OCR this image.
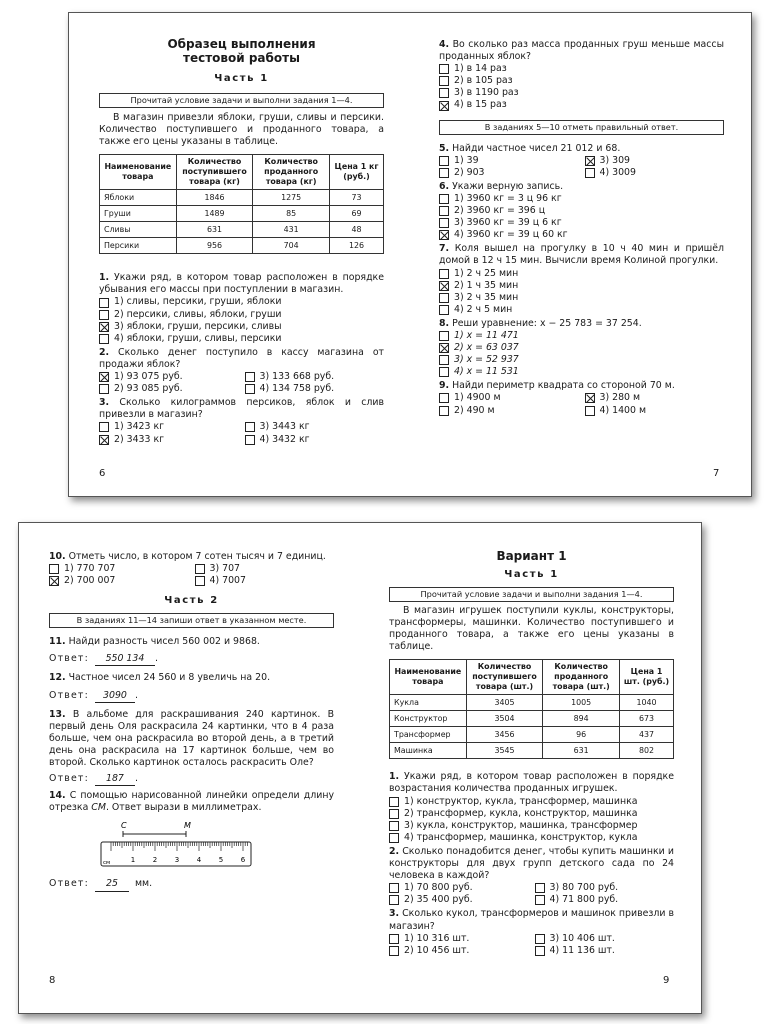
Образец выполнения тестовой работы
Часть 1
Прочитай условие задачи и выполни задания 1—4.
В магазин привезли яблоки, груши, сливы и персики. Количество поступившего и проданного товара, а также его цены указаны в таблице.
Наименование товара	Количество поступившего товара (кг)	Количество проданного товара (кг)	Цена 1 кг (руб.)
Яблоки	1846	1275	73
Груши	1489	85	69
Сливы	631	431	48
Персики	956	704	126
1. Укажи ряд, в котором товар расположен в порядке убывания его массы при поступлении в магазин.
1) сливы, персики, груши, яблоки
2) персики, сливы, яблоки, груши
3) яблоки, груши, персики, сливы
4) яблоки, груши, сливы, персики
2. Сколько денег поступило в кассу магазина от продажи яблок?
1) 93 075 руб.	3) 133 668 руб.
2) 93 085 руб.	4) 134 758 руб.
3. Сколько килограммов персиков, яблок и слив привезли в магазин?
1) 3423 кг	3) 3443 кг
2) 3433 кг	4) 3432 кг
6
4. Во сколько раз масса проданных груш меньше массы проданных яблок?
1) в 14 раз
2) в 105 раз
3) в 1190 раз
4) в 15 раз
В заданиях 5—10 отметь правильный ответ.
5. Найди частное чисел 21 012 и 68.
1) 39	3) 309
2) 903	4) 3009
6. Укажи верную запись.
1) 3960 кг = 3 ц 96 кг
2) 3960 кг = 396 ц
3) 3960 кг = 39 ц 6 кг
4) 3960 кг = 39 ц 60 кг
7. Коля вышел на прогулку в 10 ч 40 мин и пришёл домой в 12 ч 15 мин. Вычисли время Колиной прогулки.
1) 2 ч 25 мин
2) 1 ч 35 мин
3) 2 ч 35 мин
4) 2 ч 5 мин
8. Реши уравнение: x − 25 783 = 37 254.
1) x = 11 471
2) x = 63 037
3) x = 52 937
4) x = 11 531
9. Найди периметр квадрата со стороной 70 м.
1) 4900 м	3) 280 м
2) 490 м	4) 1400 м
7
10. Отметь число, в котором 7 сотен тысяч и 7 единиц.
1) 770 707	3) 707
2) 700 007	4) 7007
Часть 2
В заданиях 11—14 запиши ответ в указанном месте.
11. Найди разность чисел 560 002 и 9868.
Ответ:	550 134	.
12. Частное чисел 24 560 и 8 увеличь на 20.
Ответ:	3090 .
13. В альбоме для раскрашивания 240 картинок. В первый день Оля раскрасила 24 картинки, что в 4 раза больше, чем она раскрасила во второй день, а в третий день она раскрасила на 17 картинок больше, чем во второй. Сколько картинок осталось раскрасить Оле?
Ответ:	187	.
14. С помощью нарисованной линейки определи длину отрезка СМ. Ответ вырази в миллиметрах.
С	М
см	1	2	3	4	5	6
Ответ:	25	мм.
8
Вариант 1
Часть 1
Прочитай условие задачи и выполни задания 1—4.
В магазин игрушек поступили куклы, конструкторы, трансформеры, машинки. Количество поступившего и проданного товара, а также его цены указаны в таблице.
Наименование товара	Количество поступившего товара (шт.)	Количество проданного товара (шт.)	Цена 1 шт. (руб.)
Кукла	3405	1005	1040
Конструктор	3504	894	673
Трансформер	3456	96	437
Машинка	3545	631	802
1. Укажи ряд, в котором товар расположен в порядке возрастания количества проданных игрушек.
1) конструктор, кукла, трансформер, машинка
2) трансформер, кукла, конструктор, машинка
3) кукла, конструктор, машинка, трансформер
4) трансформер, машинка, конструктор, кукла
2. Сколько понадобится денег, чтобы купить машинки и конструкторы для двух групп детского сада по 24 человека в каждой?
1) 70 800 руб.	3) 80 700 руб.
2) 35 400 руб.	4) 71 800 руб.
3. Сколько кукол, трансформеров и машинок привезли в магазин?
1) 10 316 шт.	3) 10 406 шт.
2) 10 456 шт.	4) 11 136 шт.
9
